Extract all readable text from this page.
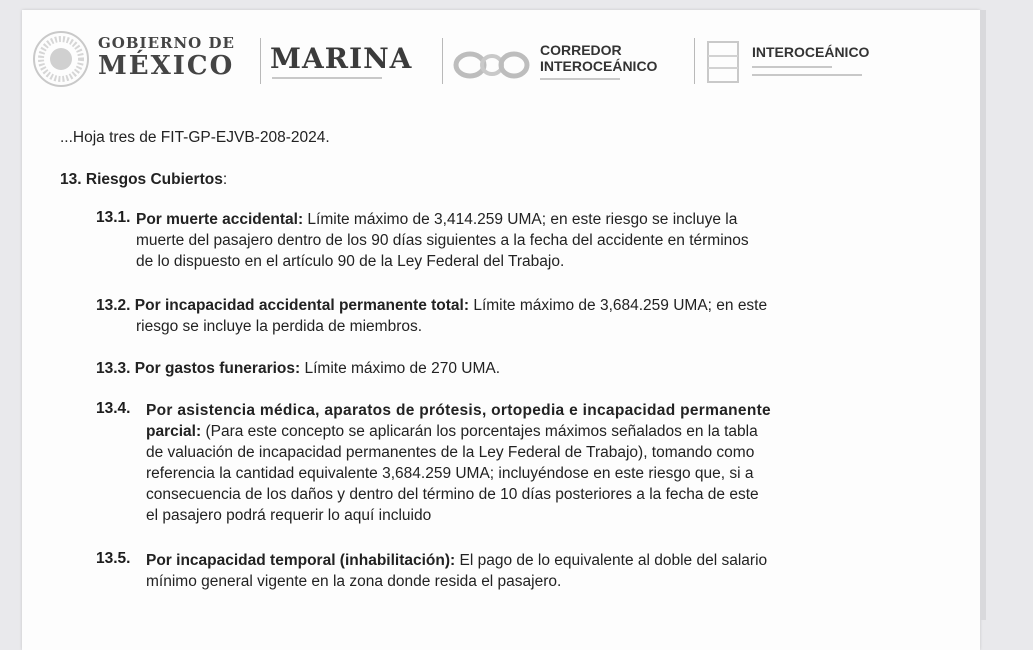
GOBIERNO DE
MÉXICO MARINA	CORREDOR
INTEROCEÁNICO
INTEROCEÁNICO
...Hoja tres de FIT-GP-EJVB-208-2024.
13. Riesgos Cubiertos:
13.1. Por muerte accidental: Límite máximo de 3,414.259 UMA; en este riesgo se incluye la
muerte del pasajero dentro de los 90 días siguientes a la fecha del accidente en términos
de lo dispuesto en el artículo 90 de la Ley Federal del Trabajo.
13.2. Por incapacidad accidental permanente total: Límite máximo de 3,684.259 UMA; en este
riesgo se incluye la perdida de miembros.
13.3. Por gastos funerarios: Límite máximo de 270 UMA.
13.4. Por asistencia médica, aparatos de prótesis, ortopedia e incapacidad permanente
parcial: (Para este concepto se aplicarán los porcentajes máximos señalados en la tabla
de valuación de incapacidad permanentes de la Ley Federal de Trabajo), tomando como
referencia la cantidad equivalente 3,684.259 UMA; incluyéndose en este riesgo que, si a
consecuencia de los daños y dentro del término de 10 días posteriores a la fecha de este
el pasajero podrá requerir lo aquí incluido
13.5. Por incapacidad temporal (inhabilitación): El pago de lo equivalente al doble del salario
mínimo general vigente en la zona donde resida el pasajero.
